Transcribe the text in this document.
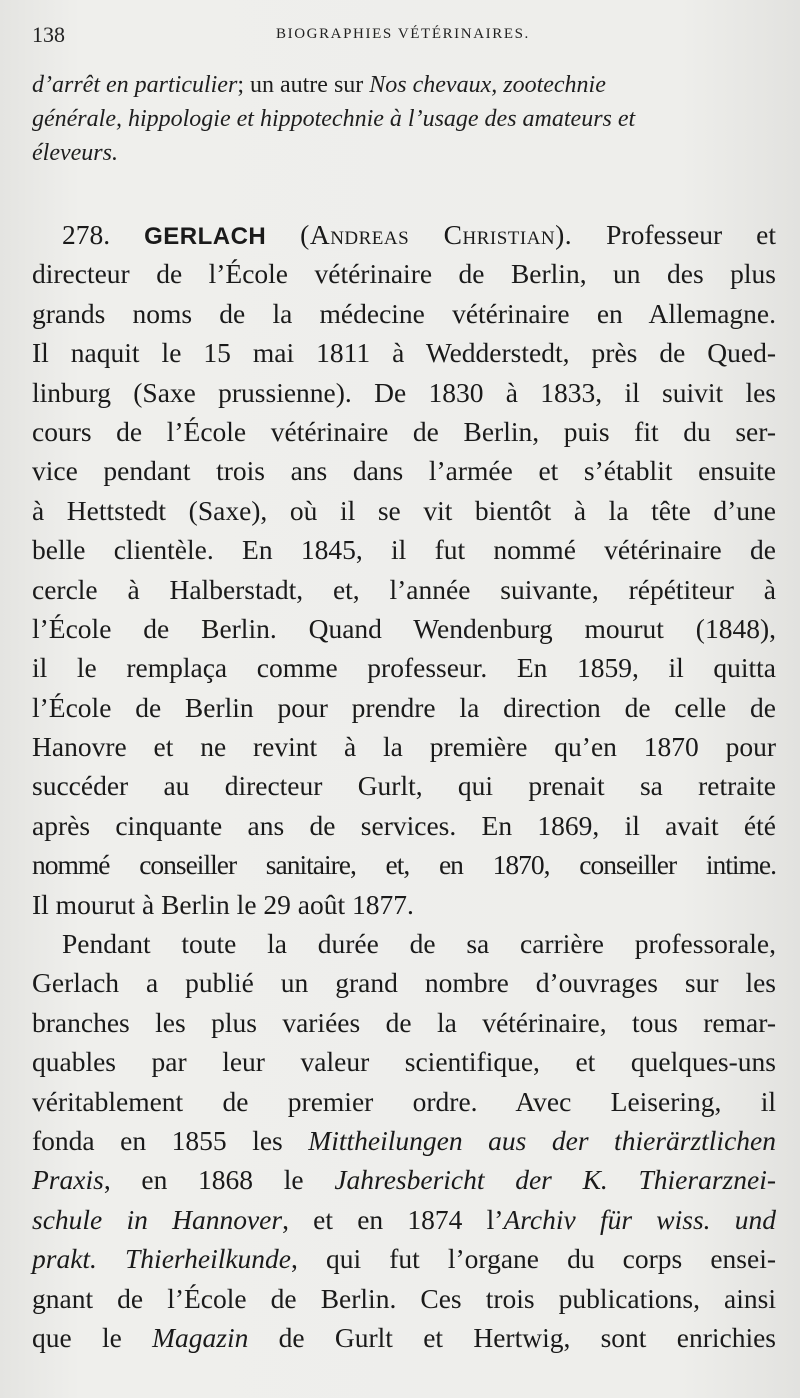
138	BIOGRAPHIES VÉTÉRINAIRES.
d’arrêt en particulier; un autre sur Nos chevaux, zootechnie
générale, hippologie et hippotechnie à l’usage des amateurs et
éleveurs.
278. GERLACH (Andreas Christian). Professeur et
directeur de l’École vétérinaire de Berlin, un des plus
grands noms de la médecine vétérinaire en Allemagne.
Il naquit le 15 mai 1811 à Wedderstedt, près de Qued-
linburg (Saxe prussienne). De 1830 à 1833, il suivit les
cours de l’École vétérinaire de Berlin, puis fit du ser-
vice pendant trois ans dans l’armée et s’établit ensuite
à Hettstedt (Saxe), où il se vit bientôt à la tête d’une
belle clientèle. En 1845, il fut nommé vétérinaire de
cercle à Halberstadt, et, l’année suivante, répétiteur à
l’École de Berlin. Quand Wendenburg mourut (1848),
il le remplaça comme professeur. En 1859, il quitta
l’École de Berlin pour prendre la direction de celle de
Hanovre et ne revint à la première qu’en 1870 pour
succéder au directeur Gurlt, qui prenait sa retraite
après cinquante ans de services. En 1869, il avait été
nommé conseiller sanitaire, et, en 1870, conseiller intime.
Il mourut à Berlin le 29 août 1877.
Pendant toute la durée de sa carrière professorale,
Gerlach a publié un grand nombre d’ouvrages sur les
branches les plus variées de la vétérinaire, tous remar-
quables par leur valeur scientifique, et quelques-uns
véritablement de premier ordre. Avec Leisering, il
fonda en 1855 les Mittheilungen aus der thierärztlichen
Praxis, en 1868 le Jahresbericht der K. Thierarznei-
schule in Hannover, et en 1874 l’Archiv für wiss. und
prakt. Thierheilkunde, qui fut l’organe du corps ensei-
gnant de l’École de Berlin. Ces trois publications, ainsi
que le Magazin de Gurlt et Hertwig, sont enrichies
